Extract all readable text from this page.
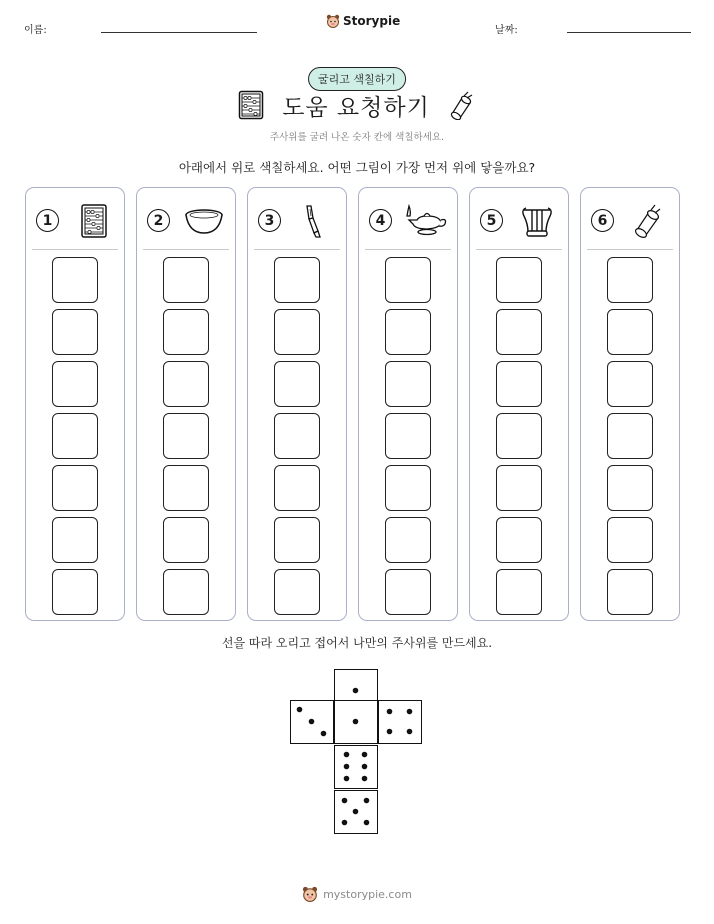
이름:
Storypie
날짜:
굴리고 색칠하기
도움 요청하기
주사위를 굴려 나온 숫자 칸에 색칠하세요.
아래에서 위로 색칠하세요. 어떤 그림이 가장 먼저 위에 닿을까요?
1	2	3	4	5	6
선을 따라 오리고 접어서 나만의 주사위를 만드세요.
mystorypie.com
